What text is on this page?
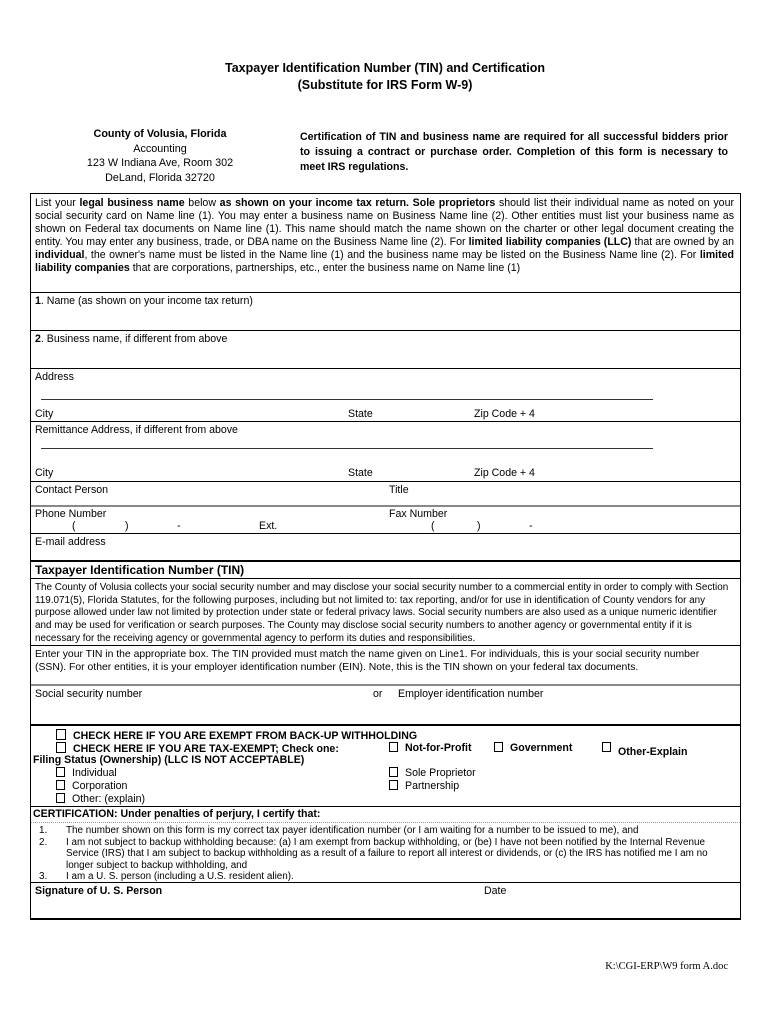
Taxpayer Identification Number (TIN) and Certification
(Substitute for IRS Form W-9)
County of Volusia, Florida
Accounting
123 W Indiana Ave, Room 302
DeLand, Florida 32720
Certification of TIN and business name are required for all successful bidders prior to issuing a contract or purchase order. Completion of this form is necessary to meet IRS regulations.
List your legal business name below as shown on your income tax return. Sole proprietors should list their individual name as noted on your social security card on Name line (1). You may enter a business name on Business Name line (2). Other entities must list your business name as shown on Federal tax documents on Name line (1). This name should match the name shown on the charter or other legal document creating the entity. You may enter any business, trade, or DBA name on the Business Name line (2). For limited liability companies (LLC) that are owned by an individual, the owner's name must be listed in the Name line (1) and the business name may be listed on the Business Name line (2). For limited liability companies that are corporations, partnerships, etc., enter the business name on Name line (1)
1. Name (as shown on your income tax return)
2. Business name, if different from above
Address
City	State	Zip Code + 4
Remittance Address, if different from above
City	State	Zip Code + 4
Contact Person	Title
Phone Number	Fax Number
(	)	-	Ext.	(	)	-
E-mail address
Taxpayer Identification Number (TIN)
The County of Volusia collects your social security number and may disclose your social security number to a commercial entity in order to comply with Section 119.071(5), Florida Statutes, for the following purposes, including but not limited to: tax reporting, and/or for use in identification of County vendors for any purpose allowed under law not limited by protection under state or federal privacy laws. Social security numbers are also used as a unique numeric identifier and may be used for verification or search purposes. The County may disclose social security numbers to another agency or governmental entity if it is necessary for the receiving agency or governmental agency to perform its duties and responsibilities.
Enter your TIN in the appropriate box. The TIN provided must match the name given on Line1. For individuals, this is your social security number (SSN). For other entities, it is your employer identification number (EIN). Note, this is the TIN shown on your federal tax documents.
Social security number	or Employer identification number
CHECK HERE IF YOU ARE EXEMPT FROM BACK-UP WITHHOLDING
CHECK HERE IF YOU ARE TAX-EXEMPT; Check one:	Not-for-Profit	Government	Other-Explain
Filing Status (Ownership) (LLC IS NOT ACCEPTABLE)
Individual	Sole Proprietor
Corporation	Partnership
Other: (explain)
CERTIFICATION: Under penalties of perjury, I certify that:
1. The number shown on this form is my correct tax payer identification number (or I am waiting for a number to be issued to me), and
2. I am not subject to backup withholding because: (a) I am exempt from backup withholding, or (be) I have not been notified by the Internal Revenue Service (IRS) that I am subject to backup withholding as a result of a failure to report all interest or dividends, or (c) the IRS has notified me I am no longer subject to backup withholding, and
3. I am a U. S. person (including a U.S. resident alien).
Signature of U. S. Person	Date
K:\CGI-ERP\W9 form A.doc
